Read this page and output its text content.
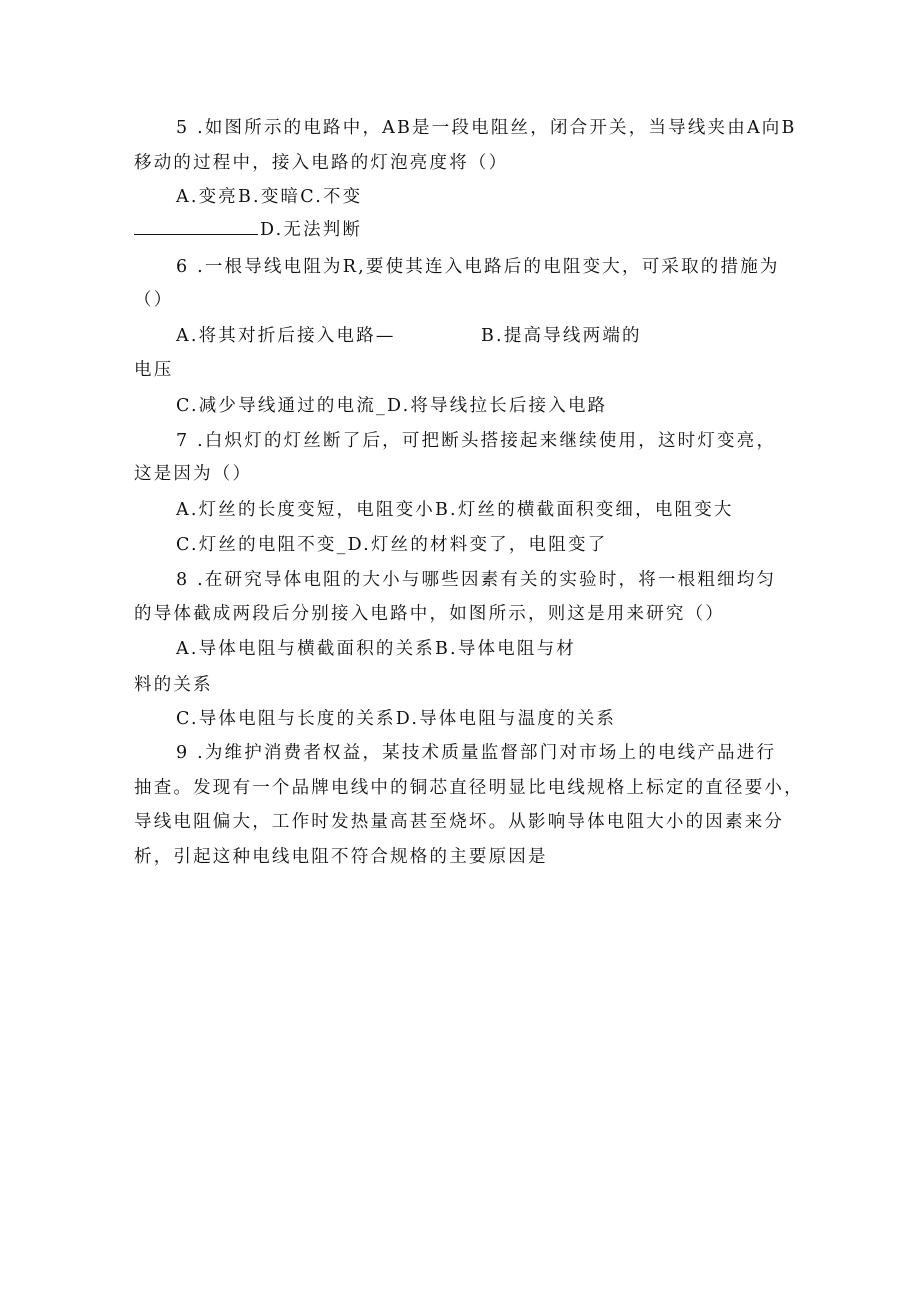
5 .如图所示的电路中，AB是一段电阻丝，闭合开关，当导线夹由A向B
移动的过程中，接入电路的灯泡亮度将（）
A.变亮B.变暗C.不变
D.无法判断
6 .一根导线电阻为R,要使其连入电路后的电阻变大，可采取的措施为
（）
A.将其对折后接入电路—	B.提高导线两端的
电压
C.减少导线通过的电流_D.将导线拉长后接入电路
7 .白炽灯的灯丝断了后，可把断头搭接起来继续使用，这时灯变亮，
这是因为（）
A.灯丝的长度变短，电阻变小B.灯丝的横截面积变细，电阻变大
C.灯丝的电阻不变_D.灯丝的材料变了，电阻变了
8 .在研究导体电阻的大小与哪些因素有关的实验时，将一根粗细均匀
的导体截成两段后分别接入电路中，如图所示，则这是用来研究（）
A.导体电阻与横截面积的关系B.导体电阻与材
料的关系
C.导体电阻与长度的关系D.导体电阻与温度的关系
9 .为维护消费者权益，某技术质量监督部门对市场上的电线产品进行
抽查。发现有一个品牌电线中的铜芯直径明显比电线规格上标定的直径要小，
导线电阻偏大，工作时发热量高甚至烧坏。从影响导体电阻大小的因素来分
析，引起这种电线电阻不符合规格的主要原因是
